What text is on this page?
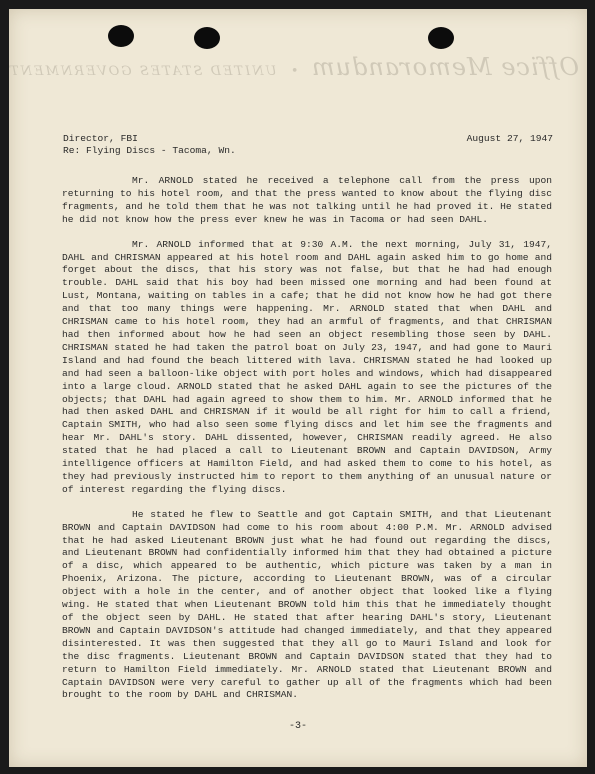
Office Memorandum  •  UNITED STATES GOVERNMENT
Director, FBI	August 27, 1947
Re: Flying Discs - Tacoma, Wn.

Mr. ARNOLD stated he received a telephone call from the press upon returning to his hotel room, and that the press wanted to know about the flying disc fragments, and he told them that he was not talking until he had proved it. He stated he did not know how the press ever knew he was in Tacoma or had seen DAHL.

Mr. ARNOLD informed that at 9:30 A.M. the next morning, July 31, 1947, DAHL and CHRISMAN appeared at his hotel room and DAHL again asked him to go home and forget about the discs, that his story was not false, but that he had had enough trouble. DAHL said that his boy had been missed one morning and had been found at Lust, Montana, waiting on tables in a cafe; that he did not know how he had got there and that too many things were happening. Mr. ARNOLD stated that when DAHL and CHRISMAN came to his hotel room, they had an armful of fragments, and that CHRISMAN had then informed about how he had seen an object resembling those seen by DAHL. CHRISMAN stated he had taken the patrol boat on July 23, 1947, and had gone to Mauri Island and had found the beach littered with lava. CHRISMAN stated he had looked up and had seen a balloon-like object with port holes and windows, which had disappeared into a large cloud. ARNOLD stated that he asked DAHL again to see the pictures of the objects; that DAHL had again agreed to show them to him. Mr. ARNOLD informed that he had then asked DAHL and CHRISMAN if it would be all right for him to call a friend, Captain SMITH, who had also seen some flying discs and let him see the fragments and hear Mr. DAHL's story. DAHL dissented, however, CHRISMAN readily agreed. He also stated that he had placed a call to Lieutenant BROWN and Captain DAVIDSON, Army intelligence officers at Hamilton Field, and had asked them to come to his hotel, as they had previously instructed him to report to them anything of an unusual nature or of interest regarding the flying discs.

He stated he flew to Seattle and got Captain SMITH, and that Lieutenant BROWN and Captain DAVIDSON had come to his room about 4:00 P.M. Mr. ARNOLD advised that he had asked Lieutenant BROWN just what he had found out regarding the discs, and Lieutenant BROWN had confidentially informed him that they had obtained a picture of a disc, which appeared to be authentic, which picture was taken by a man in Phoenix, Arizona. The picture, according to Lieutenant BROWN, was of a circular object with a hole in the center, and of another object that looked like a flying wing. He stated that when Lieutenant BROWN told him this that he immediately thought of the object seen by DAHL. He stated that after hearing DAHL's story, Lieutenant BROWN and Captain DAVIDSON's attitude had changed immediately, and that they appeared disinterested. It was then suggested that they all go to Mauri Island and look for the disc fragments. Lieutenant BROWN and Captain DAVIDSON stated that they had to return to Hamilton Field immediately. Mr. ARNOLD stated that Lieutenant BROWN and Captain DAVIDSON were very careful to gather up all of the fragments which had been brought to the room by DAHL and CHRISMAN.

-3-
